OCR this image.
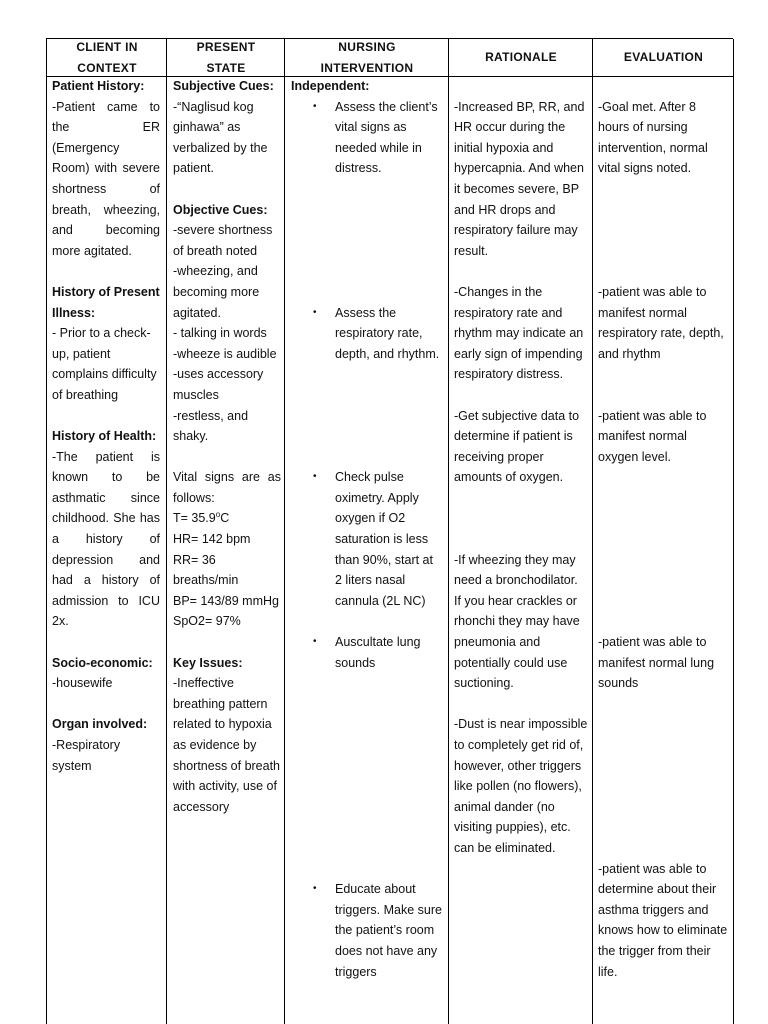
CLIENT IN
CONTEXT
PRESENT
STATE
NURSING
INTERVENTION
RATIONALE	EVALUATION

Patient History:

-Patient came to the ER (Emergency Room) with severe shortness of breath, wheezing, and becoming more agitated.

History of Present Illness:

- Prior to a check-up, patient complains difficulty of breathing

History of Health:

-The patient is known to be asthmatic since childhood. She has a history of depression and had a history of admission to ICU 2x.

Socio-economic:

-housewife

Organ involved:

-Respiratory system

Subjective Cues:

-“Naglisud kog ginhawa” as verbalized by the patient.

Objective Cues:

-severe shortness of breath noted

-wheezing, and becoming more agitated.

- talking in words

-wheeze is audible

-uses accessory muscles

-restless, and shaky.

Vital signs are as follows:

$T= 35.9^oC$

HR= 142 bpm

RR= 36 breaths/min

BP= 143/89 mmHg

SpO2= 97%

Key Issues:

-Ineffective breathing pattern related to hypoxia as evidence by shortness of breath with activity, use of accessory

Independent:

• Assess the client’s vital signs as needed while in distress.
• Assess the respiratory rate, depth, and rhythm.
• Check pulse oximetry. Apply oxygen if O2 saturation is less than 90%, start at 2 liters nasal cannula (2L NC)
• Auscultate lung sounds
• Educate about triggers. Make sure the patient’s room does not have any triggers

-Increased BP, RR, and HR occur during the initial hypoxia and hypercapnia. And when it becomes severe, BP and HR drops and respiratory failure may result.

-Changes in the respiratory rate and rhythm may indicate an early sign of impending respiratory distress.

-Get subjective data to determine if patient is receiving proper amounts of oxygen.

-If wheezing they may need a bronchodilator.

If you hear crackles or rhonchi they may have pneumonia and potentially could use suctioning.

-Dust is near impossible to completely get rid of, however, other triggers like pollen (no flowers), animal dander (no visiting puppies), etc. can be eliminated.

-Goal met. After 8 hours of nursing intervention, normal vital signs noted.

-patient was able to manifest normal respiratory rate, depth, and rhythm

-patient was able to manifest normal oxygen level.

-patient was able to manifest normal lung sounds

-patient was able to determine about their asthma triggers and knows how to eliminate the trigger from their life.
